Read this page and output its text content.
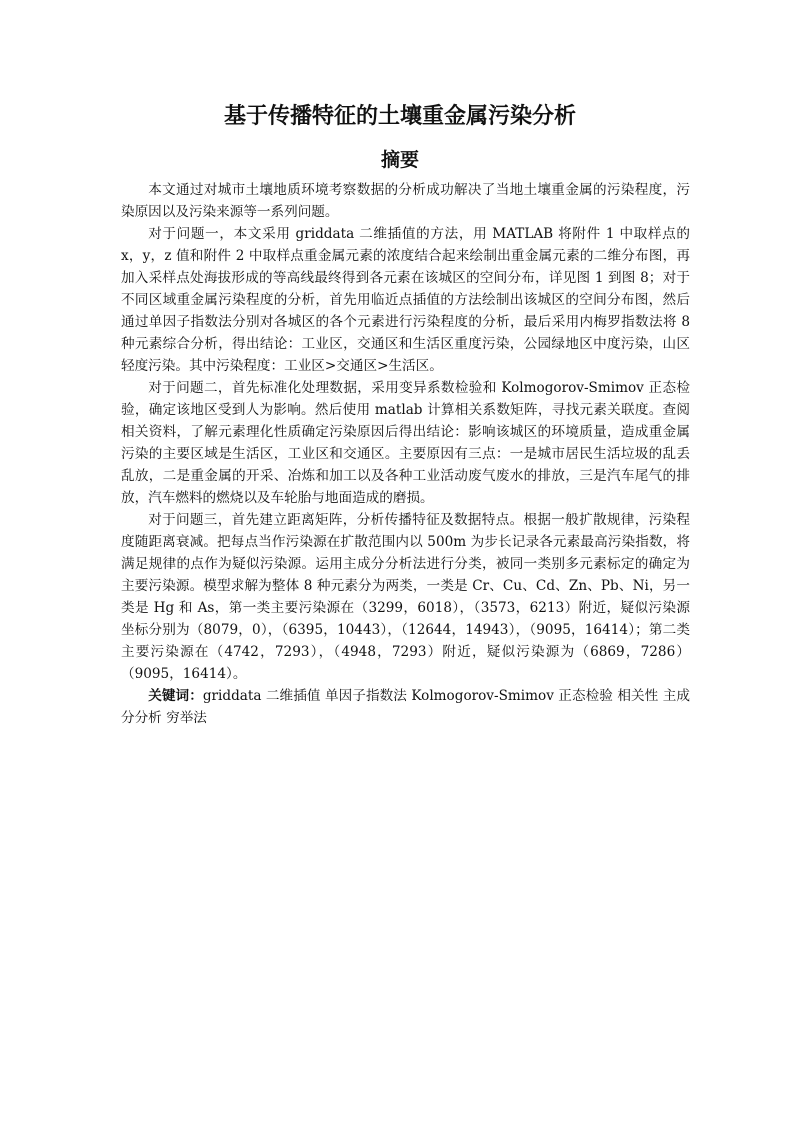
基于传播特征的土壤重金属污染分析
摘要

本文通过对城市土壤地质环境考察数据的分析成功解决了当地土壤重金属的污染程度，污染原因以及污染来源等一系列问题。

对于问题一，本文采用 griddata 二维插值的方法，用 MATLAB 将附件 1 中取样点的 x，y，z 值和附件 2 中取样点重金属元素的浓度结合起来绘制出重金属元素的二维分布图，再加入采样点处海拔形成的等高线最终得到各元素在该城区的空间分布，详见图 1 到图 8；对于不同区域重金属污染程度的分析，首先用临近点插值的方法绘制出该城区的空间分布图，然后通过单因子指数法分别对各城区的各个元素进行污染程度的分析，最后采用内梅罗指数法将 8 种元素综合分析，得出结论：工业区，交通区和生活区重度污染，公园绿地区中度污染，山区轻度污染。其中污染程度：工业区>交通区>生活区。

对于问题二，首先标准化处理数据，采用变异系数检验和 Kolmogorov-Smimov 正态检验，确定该地区受到人为影响。然后使用 matlab 计算相关系数矩阵，寻找元素关联度。查阅相关资料，了解元素理化性质确定污染原因后得出结论：影响该城区的环境质量，造成重金属污染的主要区域是生活区，工业区和交通区。主要原因有三点：一是城市居民生活垃圾的乱丢乱放，二是重金属的开采、冶炼和加工以及各种工业活动废气废水的排放，三是汽车尾气的排放，汽车燃料的燃烧以及车轮胎与地面造成的磨损。

对于问题三，首先建立距离矩阵，分析传播特征及数据特点。根据一般扩散规律，污染程度随距离衰减。把每点当作污染源在扩散范围内以 500m 为步长记录各元素最高污染指数，将满足规律的点作为疑似污染源。运用主成分分析法进行分类，被同一类别多元素标定的确定为主要污染源。模型求解为整体 8 种元素分为两类，一类是 Cr、Cu、Cd、Zn、Pb、Ni，另一类是 Hg 和 As，第一类主要污染源在（3299，6018），（3573，6213）附近，疑似污染源坐标分别为（8079，0），（6395，10443），（12644，14943），（9095，16414）；第二类主要污染源在（4742，7293），（4948，7293）附近，疑似污染源为（6869，7286）（9095，16414）。

关键词：griddata 二维插值 单因子指数法 Kolmogorov-Smimov 正态检验 相关性 主成分分析 穷举法
